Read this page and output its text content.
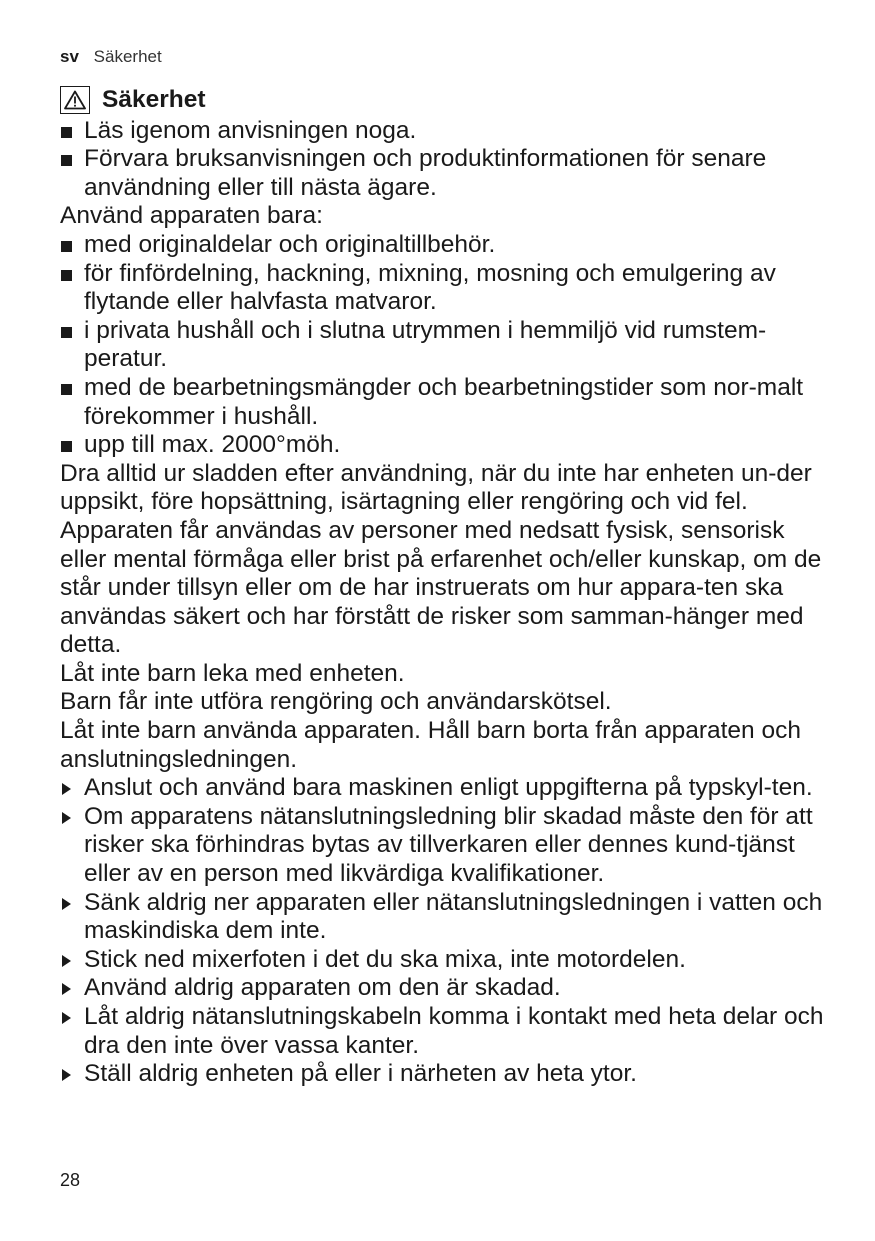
sv Säkerhet
Säkerhet
Läs igenom anvisningen noga.
Förvara bruksanvisningen och produktinformationen för senare användning eller till nästa ägare.
Använd apparaten bara:
med originaldelar och originaltillbehör.
för finfördelning, hackning, mixning, mosning och emulgering av flytande eller halvfasta matvaror.
i privata hushåll och i slutna utrymmen i hemmiljö vid rumstem-peratur.
med de bearbetningsmängder och bearbetningstider som nor-malt förekommer i hushåll.
upp till max. 2000°möh.
Dra alltid ur sladden efter användning, när du inte har enheten un-der uppsikt, före hopsättning, isärtagning eller rengöring och vid fel.
Apparaten får användas av personer med nedsatt fysisk, sensorisk eller mental förmåga eller brist på erfarenhet och/eller kunskap, om de står under tillsyn eller om de har instruerats om hur appara-ten ska användas säkert och har förstått de risker som samman-hänger med detta.
Låt inte barn leka med enheten.
Barn får inte utföra rengöring och användarskötsel.
Låt inte barn använda apparaten. Håll barn borta från apparaten och anslutningsledningen.
Anslut och använd bara maskinen enligt uppgifterna på typskyl-ten.
Om apparatens nätanslutningsledning blir skadad måste den för att risker ska förhindras bytas av tillverkaren eller dennes kund-tjänst eller av en person med likvärdiga kvalifikationer.
Sänk aldrig ner apparaten eller nätanslutningsledningen i vatten och maskindiska dem inte.
Stick ned mixerfoten i det du ska mixa, inte motordelen.
Använd aldrig apparaten om den är skadad.
Låt aldrig nätanslutningskabeln komma i kontakt med heta delar och dra den inte över vassa kanter.
Ställ aldrig enheten på eller i närheten av heta ytor.
28
